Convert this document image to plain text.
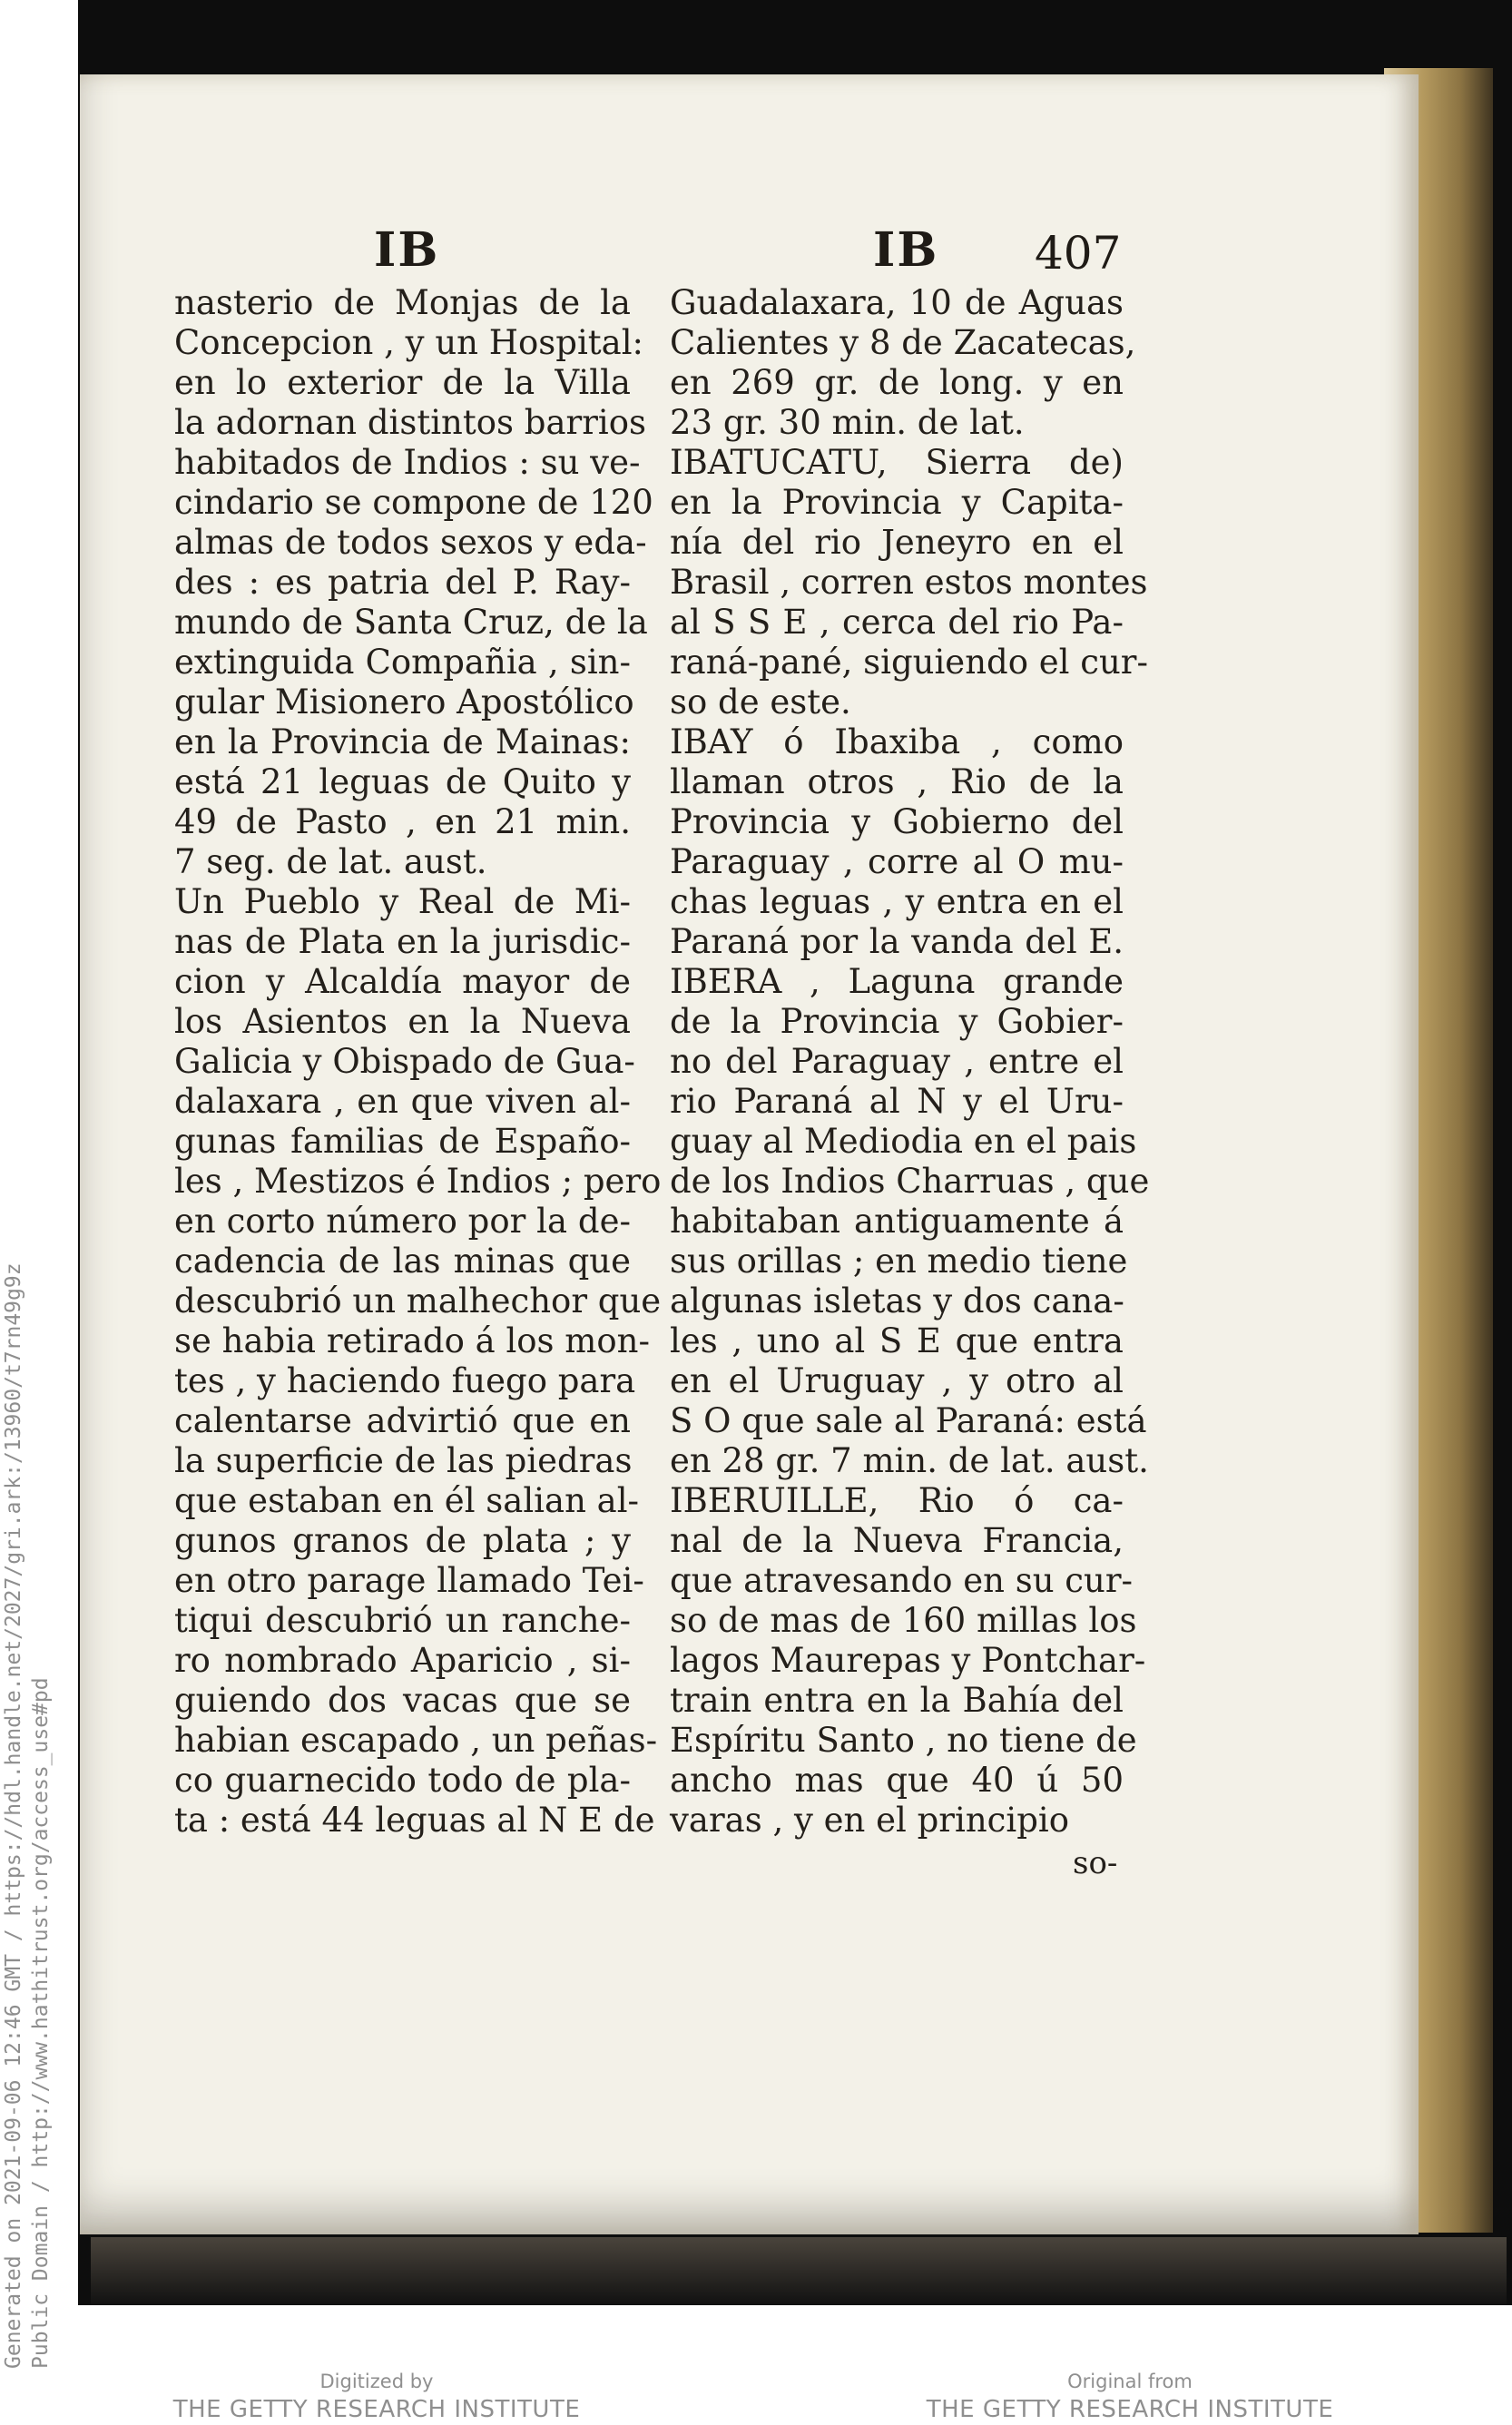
IB	IB 407
nasterio de Monjas de la
Concepcion , y un Hospital:
en lo exterior de la Villa
la adornan distintos barrios
habitados de Indios : su ve-
cindario se compone de 120
almas de todos sexos y eda-
des : es patria del P. Ray-
mundo de Santa Cruz, de la
extinguida Compañia , sin-
gular Misionero Apostólico
en la Provincia de Mainas:
está 21 leguas de Quito y
49 de Pasto , en 21 min.
7 seg. de lat. aust.
Un Pueblo y Real de Mi-
nas de Plata en la jurisdic-
cion y Alcaldía mayor de
los Asientos en la Nueva
Galicia y Obispado de Gua-
dalaxara , en que viven al-
gunas familias de Españo-
les , Mestizos é Indios ; pero
en corto número por la de-
cadencia de las minas que
descubrió un malhechor que
se habia retirado á los mon-
tes , y haciendo fuego para
calentarse advirtió que en
la superficie de las piedras
que estaban en él salian al-
gunos granos de plata ; y
en otro parage llamado Tei-
tiqui descubrió un ranche-
ro nombrado Aparicio , si-
guiendo dos vacas que se
habian escapado , un peñas-
co guarnecido todo de pla-
ta : está 44 leguas al N E de
Guadalaxara, 10 de Aguas
Calientes y 8 de Zacatecas,
en 269 gr. de long. y en
23 gr. 30 min. de lat.
IBATUCATU, Sierra de)
en la Provincia y Capita-
nía del rio Jeneyro en el
Brasil , corren estos montes
al S S E , cerca del rio Pa-
raná-pané, siguiendo el cur-
so de este.
IBAY ó Ibaxiba , como
llaman otros , Rio de la
Provincia y Gobierno del
Paraguay , corre al O mu-
chas leguas , y entra en el
Paraná por la vanda del E.
IBERA , Laguna grande
de la Provincia y Gobier-
no del Paraguay , entre el
rio Paraná al N y el Uru-
guay al Mediodia en el pais
de los Indios Charruas , que
habitaban antiguamente á
sus orillas ; en medio tiene
algunas isletas y dos cana-
les , uno al S E que entra
en el Uruguay , y otro al
S O que sale al Paraná: está
en 28 gr. 7 min. de lat. aust.
IBERUILLE, Rio ó ca-
nal de la Nueva Francia,
que atravesando en su cur-
so de mas de 160 millas los
lagos Maurepas y Pontchar-
train entra en la Bahía del
Espíritu Santo , no tiene de
ancho mas que 40 ú 50
varas , y en el principio
so-
Generated on 2021-09-06 12:46 GMT / https://hdl.handle.net/2027/gri.ark:/13960/t7rn49g9z Public Domain / http://www.hathitrust.org/access_use#pd
Digitized by
THE GETTY RESEARCH INSTITUTE
Original from
THE GETTY RESEARCH INSTITUTE
